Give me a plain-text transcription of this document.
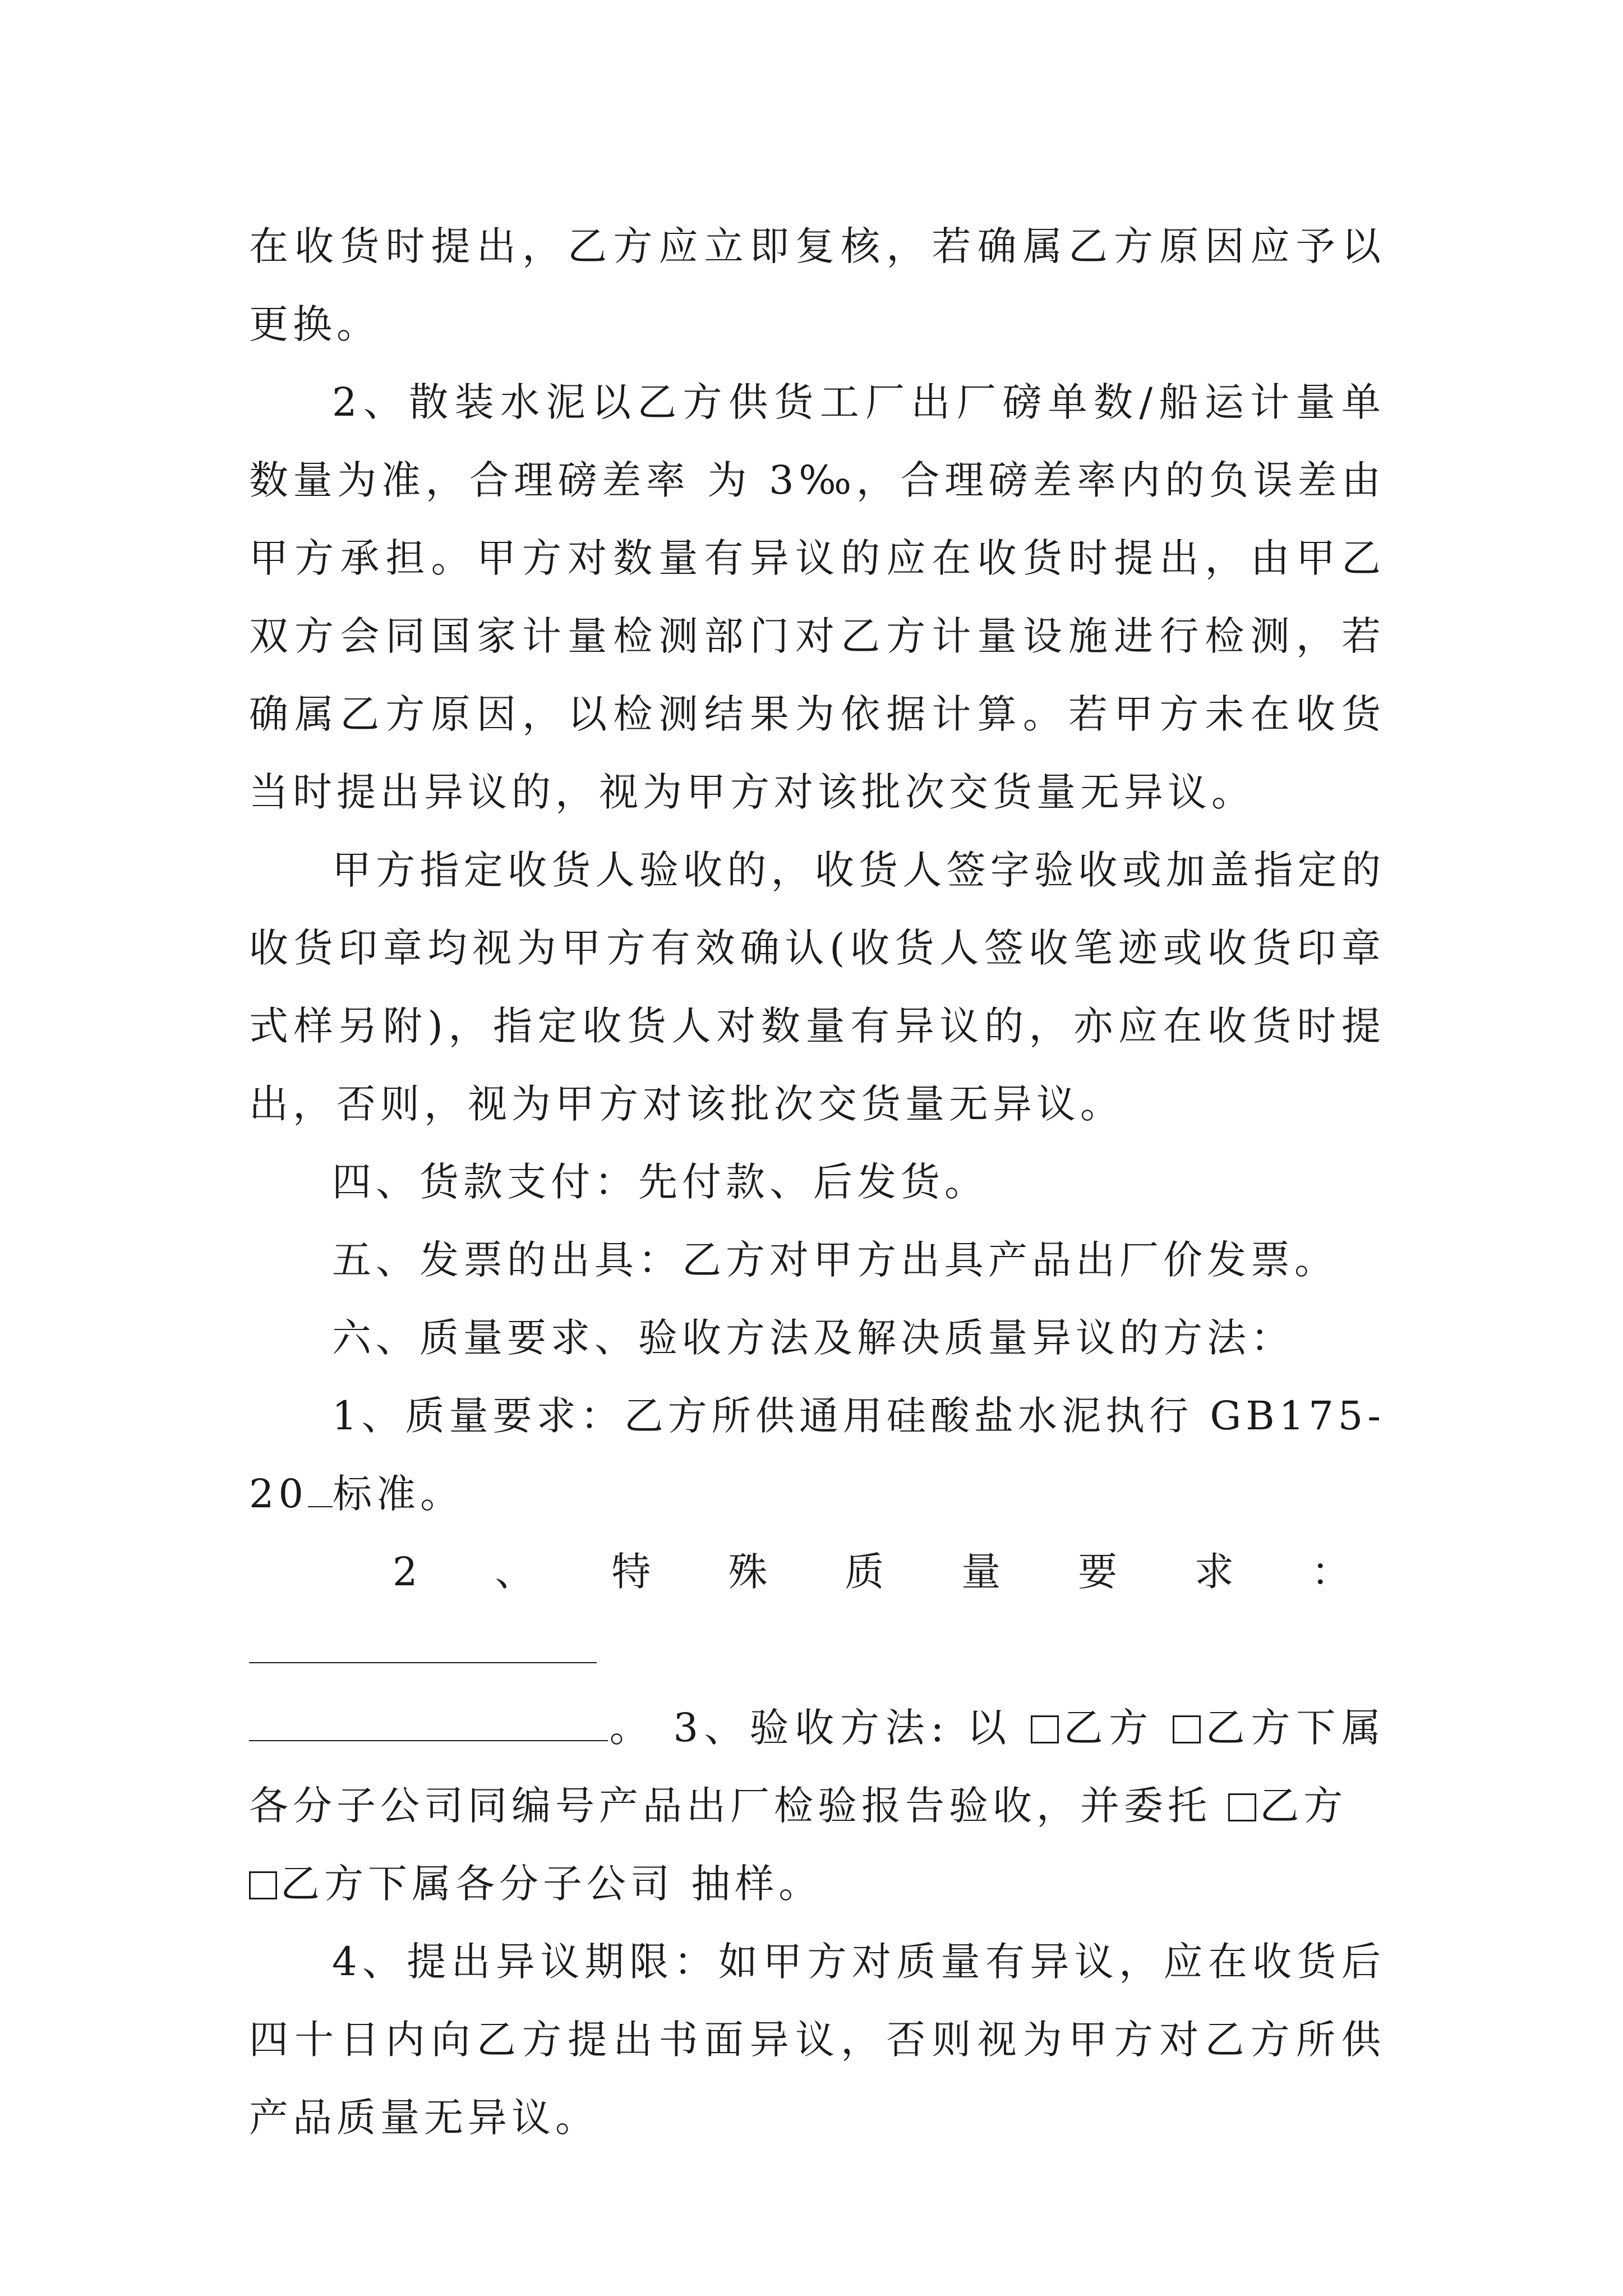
在收货时提出，乙方应立即复核，若确属乙方原因应予以更换。

2、散装水泥以乙方供货工厂出厂磅单数/船运计量单数量为准，合理磅差率 为 3‰，合理磅差率内的负误差由甲方承担。甲方对数量有异议的应在收货时提出，由甲乙双方会同国家计量检测部门对乙方计量设施进行检测，若确属乙方原因，以检测结果为依据计算。若甲方未在收货当时提出异议的，视为甲方对该批次交货量无异议。

甲方指定收货人验收的，收货人签字验收或加盖指定的收货印章均视为甲方有效确认(收货人签收笔迹或收货印章式样另附)，指定收货人对数量有异议的，亦应在收货时提出，否则，视为甲方对该批次交货量无异议。

四、货款支付：先付款、后发货。

五、发票的出具：乙方对甲方出具产品出厂价发票。

六、质量要求、验收方法及解决质量异议的方法：

1、质量要求：乙方所供通用硅酸盐水泥执行 GB175-20 标准。

2、特殊质量要求：
。 3、验收方法: 以 乙方 乙方下属各分子公司同编号产品出厂检验报告验收，并委托 乙方
乙方下属各分子公司 抽样。

4、提出异议期限：如甲方对质量有异议，应在收货后四十日内向乙方提出书面异议，否则视为甲方对乙方所供产品质量无异议。
